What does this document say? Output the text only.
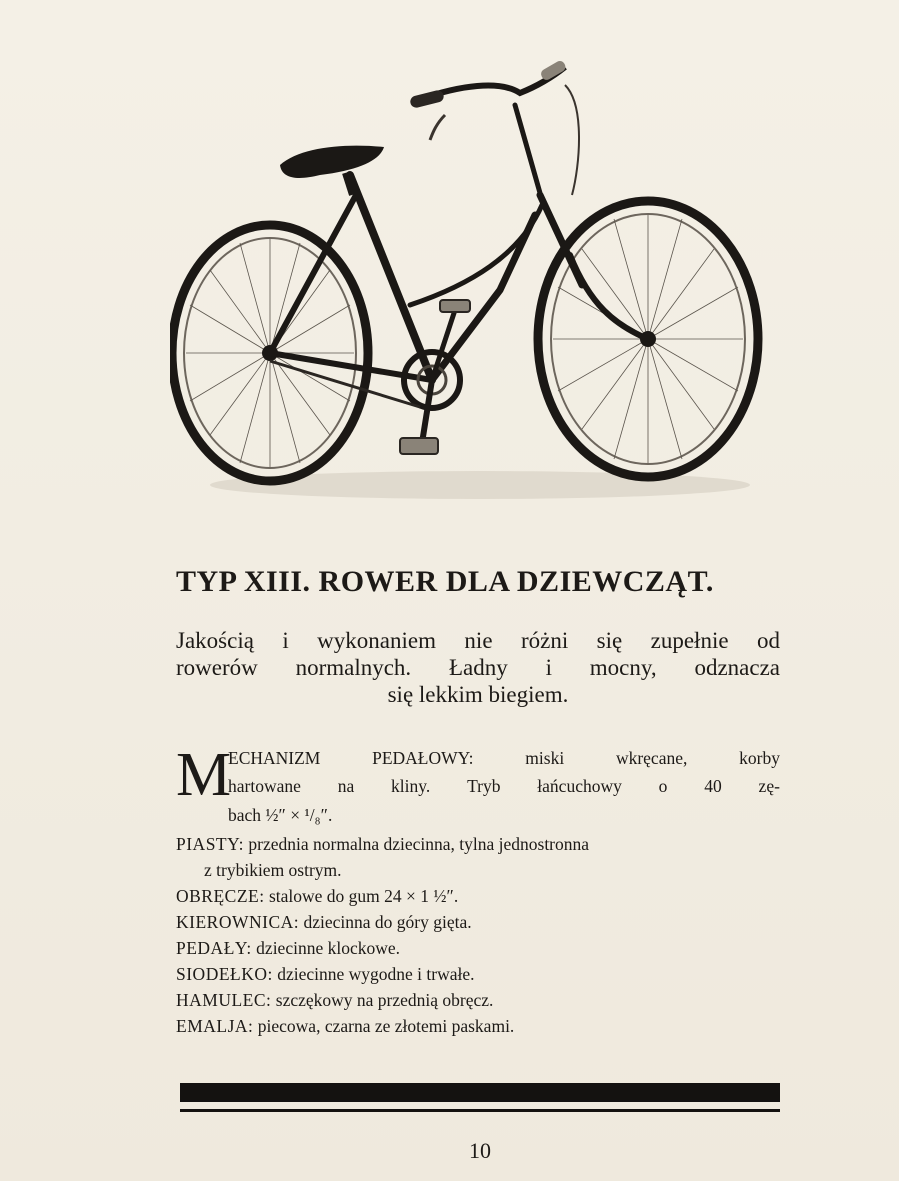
TYP XIII. ROWER DLA DZIEWCZĄT.
Jakością i wykonaniem nie różni się zupełnie od
rowerów normalnych. Ładny i mocny, odznacza
się lekkim biegiem.
M
ECHANIZM	PEDAŁOWY:	miski	wkręcane,	korby
hartowane na kliny. Tryb łańcuchowy o 40 zę-
bach ½″ × ¹/₈″.
PIASTY: przednia normalna dziecinna, tylna jednostronna
z trybikiem ostrym.
OBRĘCZE: stalowe do gum 24 × 1 ½″.
KIEROWNICA: dziecinna do góry gięta.
PEDAŁY: dziecinne klockowe.
SIODEŁKO: dziecinne wygodne i trwałe.
HAMULEC: szczękowy na przednią obręcz.
EMALJA: piecowa, czarna ze złotemi paskami.
10
